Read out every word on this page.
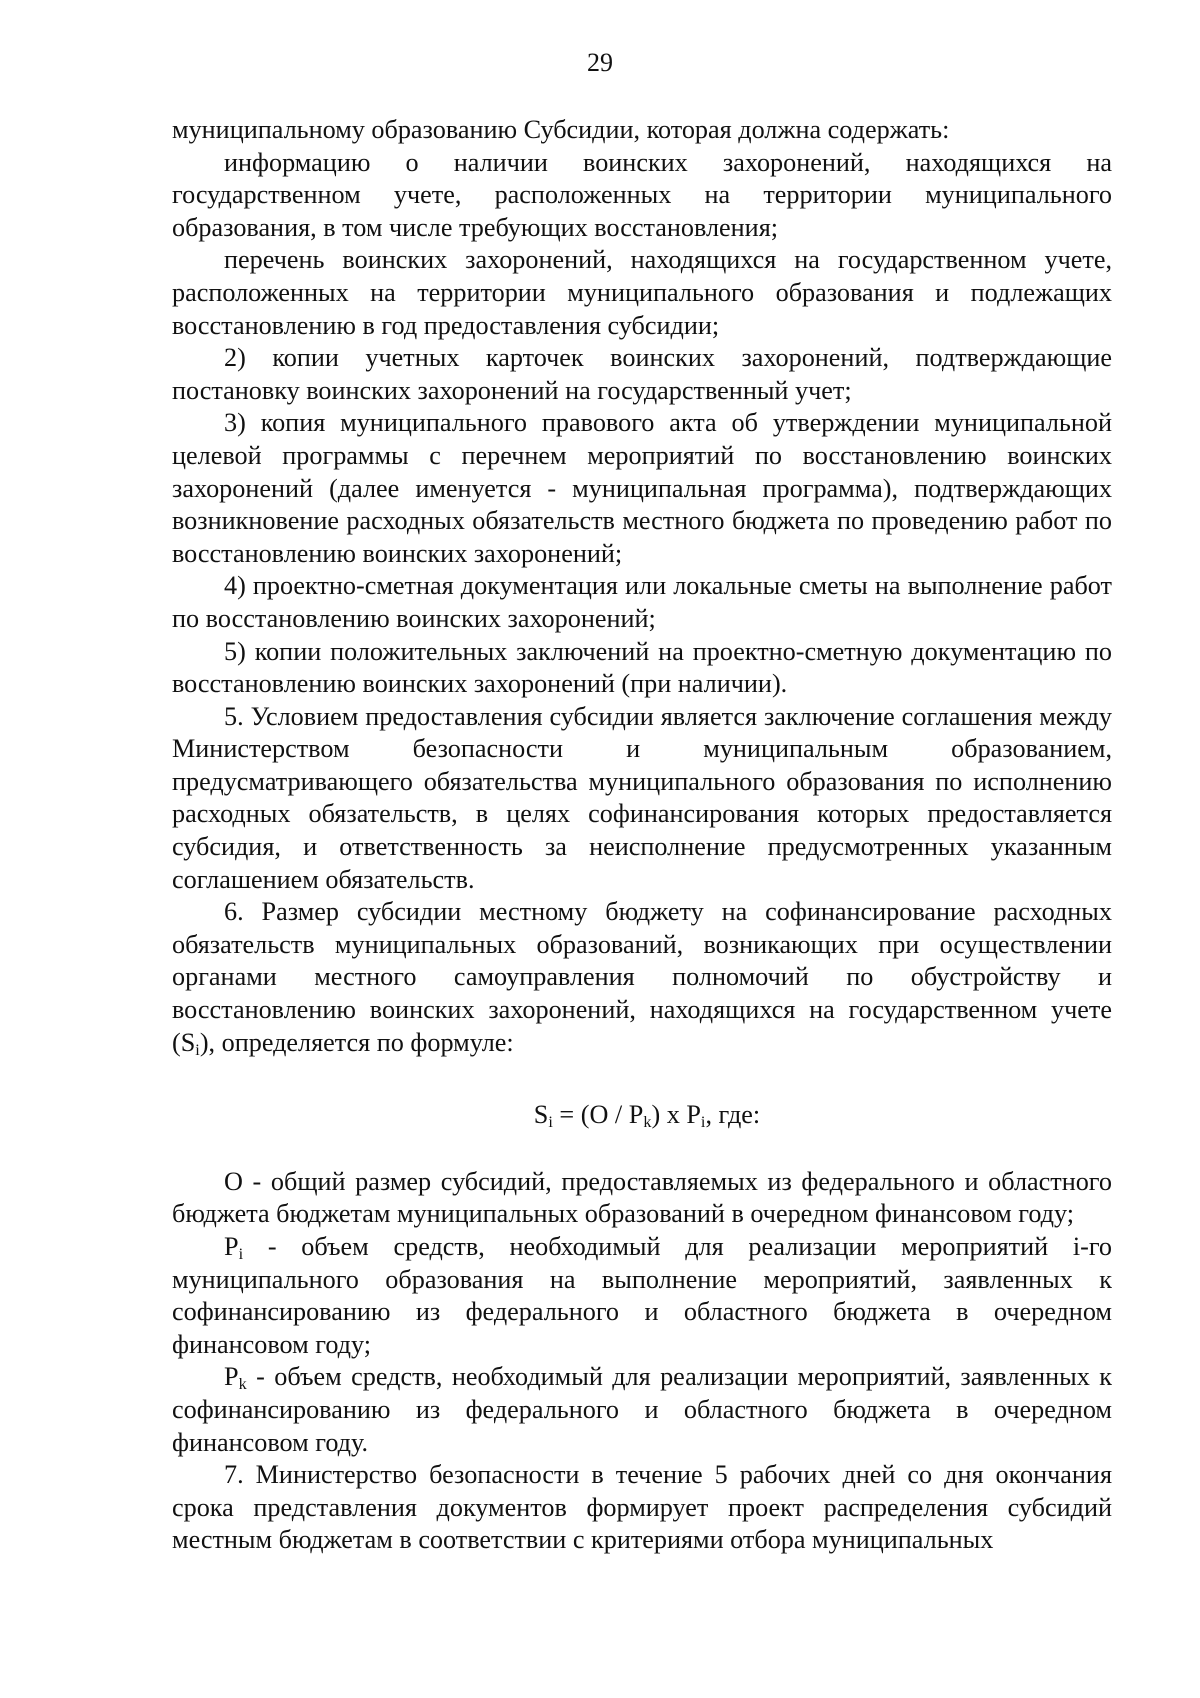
29

муниципальному образованию Субсидии, которая должна содержать:

информацию о наличии воинских захоронений, находящихся на государственном учете, расположенных на территории муниципального образования, в том числе требующих восстановления;

перечень воинских захоронений, находящихся на государственном учете, расположенных на территории муниципального образования и подлежащих восстановлению в год предоставления субсидии;

2) копии учетных карточек воинских захоронений, подтверждающие постановку воинских захоронений на государственный учет;

3) копия муниципального правового акта об утверждении муниципальной целевой программы с перечнем мероприятий по восстановлению воинских захоронений (далее именуется - муниципальная программа), подтверждающих возникновение расходных обязательств местного бюджета по проведению работ по восстановлению воинских захоронений;

4) проектно-сметная документация или локальные сметы на выполнение работ по восстановлению воинских захоронений;

5) копии положительных заключений на проектно-сметную документацию по восстановлению воинских захоронений (при наличии).

5. Условием предоставления субсидии является заключение соглашения между Министерством безопасности и муниципальным образованием, предусматривающего обязательства муниципального образования по исполнению расходных обязательств, в целях софинансирования которых предоставляется субсидия, и ответственность за неисполнение предусмотренных указанным соглашением обязательств.

6. Размер субсидии местному бюджету на софинансирование расходных обязательств муниципальных образований, возникающих при осуществлении органами местного самоуправления полномочий по обустройству и восстановлению воинских захоронений, находящихся на государственном учете $(S_i)$, определяется по формуле:

$S_i = (O / P_k)$ x $P_i$, где:

O - общий размер субсидий, предоставляемых из федерального и областного бюджета бюджетам муниципальных образований в очередном финансовом году;

$P_i$ - объем средств, необходимый для реализации мероприятий i-го муниципального образования на выполнение мероприятий, заявленных к софинансированию из федерального и областного бюджета в очередном финансовом году;

$P_k$ - объем средств, необходимый для реализации мероприятий, заявленных к софинансированию из федерального и областного бюджета в очередном финансовом году.

7. Министерство безопасности в течение 5 рабочих дней со дня окончания срока представления документов формирует проект распределения субсидий местным бюджетам в соответствии с критериями отбора муниципальных
